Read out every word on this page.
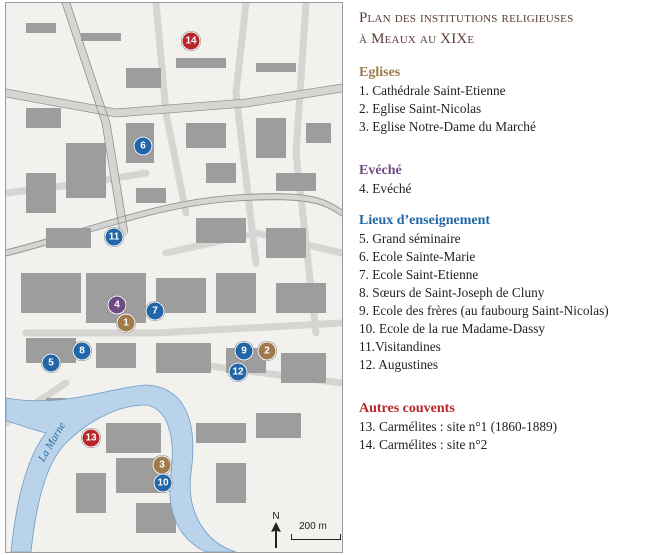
1
2
3
4
5
6
7
8	9
10
11
12
13
14
La Marne
N
200 m
Plan des institutions religieuses
à Meaux au XIXe
Eglises
1. Cathédrale Saint-Etienne
2. Eglise Saint-Nicolas
3. Eglise Notre-Dame du Marché
Evéché
4. Evéché
Lieux d’enseignement
5. Grand séminaire
6. Ecole Sainte-Marie
7. Ecole Saint-Etienne
8. Sœurs de Saint-Joseph de Cluny
9. Ecole des frères (au faubourg Saint-Nicolas)
10. Ecole de la rue Madame-Dassy
11.Visitandines
12. Augustines
Autres couvents
13. Carmélites : site n°1 (1860-1889)
14. Carmélites : site n°2
